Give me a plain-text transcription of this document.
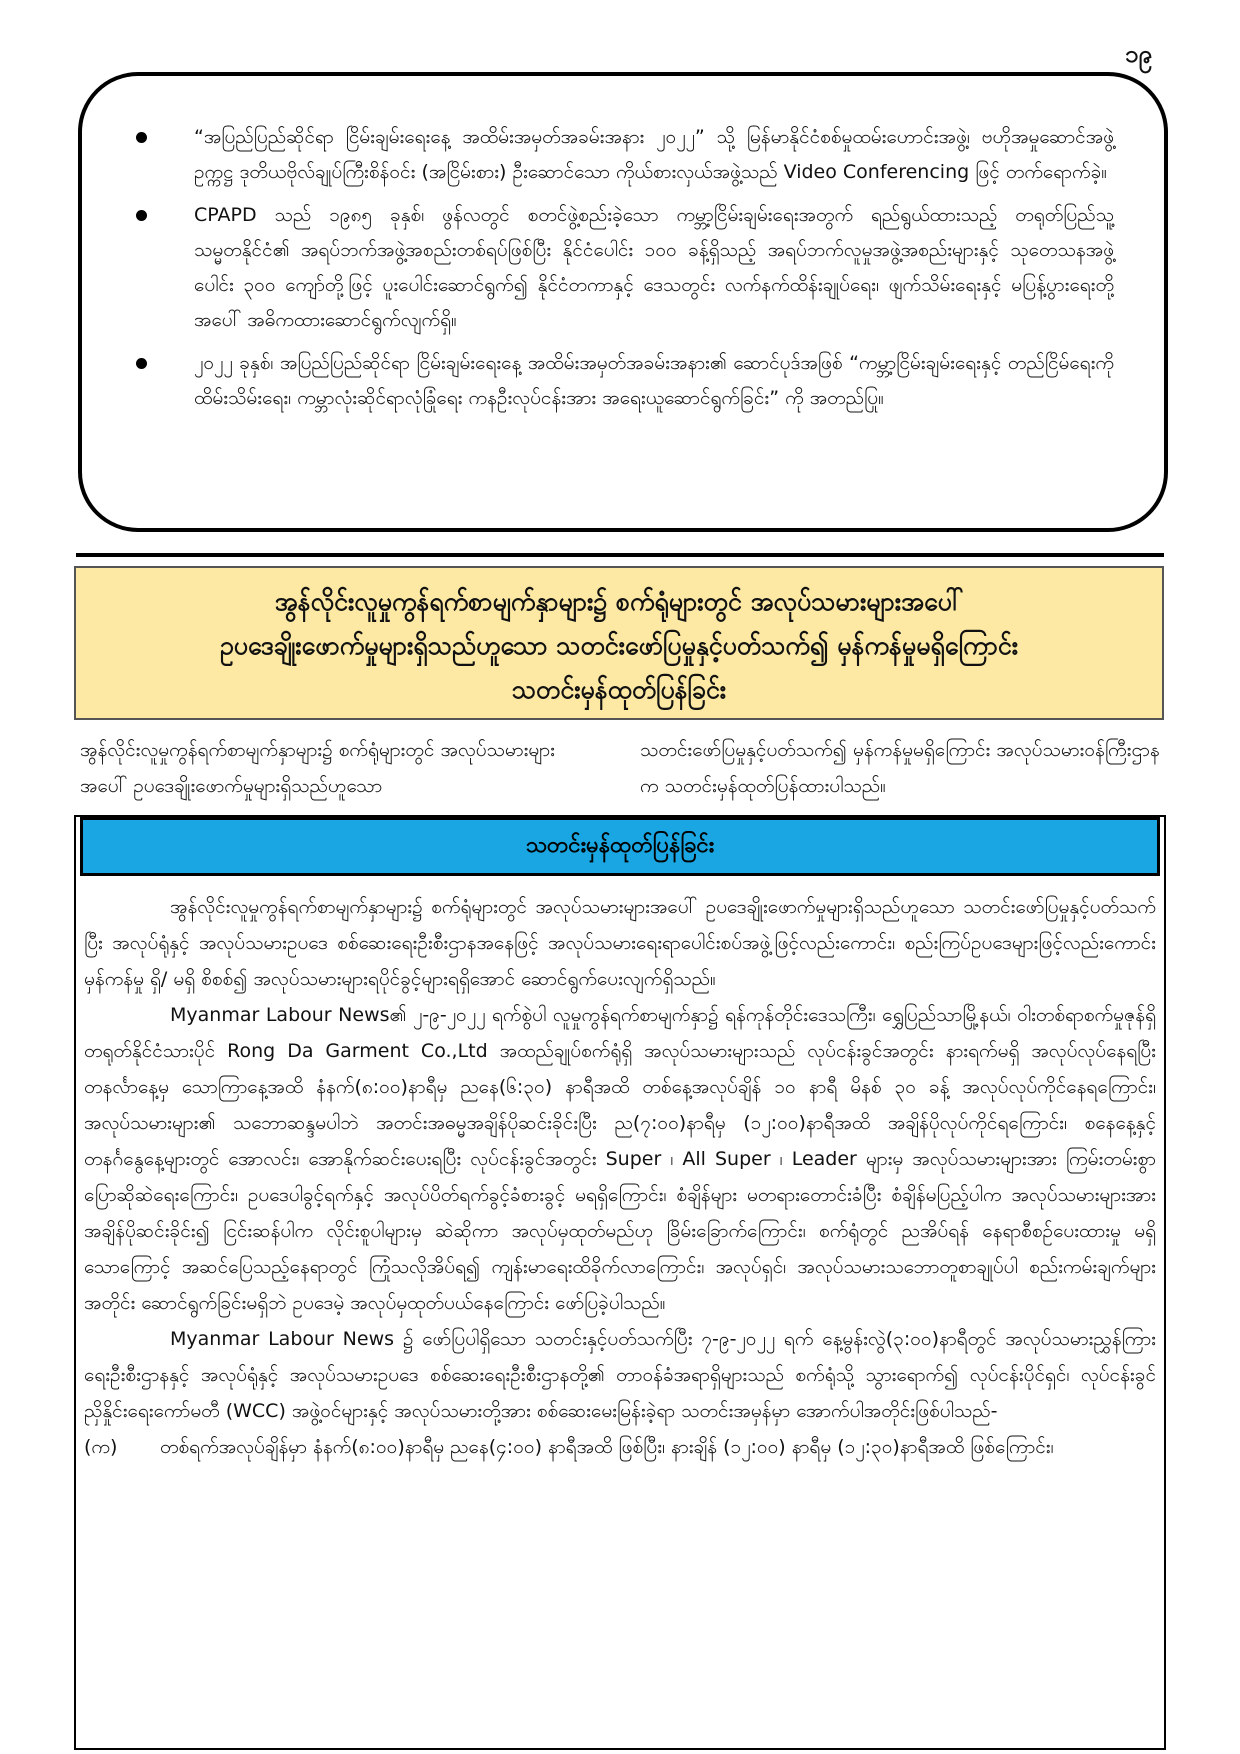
၁၉
“အပြည်ပြည်ဆိုင်ရာ ငြိမ်းချမ်းရေးနေ့ အထိမ်းအမှတ်အခမ်းအနား ၂၀၂၂” သို့ မြန်မာနိုင်ငံစစ်မှုထမ်းဟောင်းအဖွဲ့၊ ဗဟိုအမှုဆောင်အဖွဲ့ဥက္ကဋ္ဌ ဒုတိယဗိုလ်ချုပ်ကြီးစိန်ဝင်း (အငြိမ်းစား) ဦးဆောင်သော ကိုယ်စားလှယ်အဖွဲ့သည် Video Conferencing ဖြင့် တက်ရောက်ခဲ့။
CPAPD သည် ၁၉၈၅ ခုနှစ်၊ ဖွန်လတွင် စတင်ဖွဲ့စည်းခဲ့သော ကမ္ဘာ့ငြိမ်းချမ်းရေးအတွက် ရည်ရွယ်ထားသည့် တရုတ်ပြည်သူ့သမ္မတနိုင်ငံ၏ အရပ်ဘက်အဖွဲ့အစည်းတစ်ရပ်ဖြစ်ပြီး နိုင်ငံပေါင်း ၁၀၀ ခန့်ရှိသည့် အရပ်ဘက်လူမှုအဖွဲ့အစည်းများနှင့် သုတေသနအဖွဲ့ပေါင်း ၃၀၀ ကျော်တို့ဖြင့် ပူးပေါင်းဆောင်ရွက်၍ နိုင်ငံတကာနှင့် ဒေသတွင်း လက်နက်ထိန်းချုပ်ရေး၊ ဖျက်သိမ်းရေးနှင့် မပြန့်ပွားရေးတို့အပေါ် အဓိကထားဆောင်ရွက်လျက်ရှိ။
၂၀၂၂ ခုနှစ်၊ အပြည်ပြည်ဆိုင်ရာ ငြိမ်းချမ်းရေးနေ့ အထိမ်းအမှတ်အခမ်းအနား၏ ဆောင်ပုဒ်အဖြစ် “ကမ္ဘာ့ငြိမ်းချမ်းရေးနှင့် တည်ငြိမ်ရေးကို ထိမ်းသိမ်းရေး၊ ကမ္ဘာလုံးဆိုင်ရာလုံခြုံရေး ကနဦးလုပ်ငန်းအား အရေးယူဆောင်ရွက်ခြင်း” ကို အတည်ပြု။
အွန်လိုင်းလူမှုကွန်ရက်စာမျက်နှာများ၌ စက်ရုံများတွင် အလုပ်သမားများအပေါ်
ဥပဒေချိုးဖောက်မှုများရှိသည်ဟူသော သတင်းဖော်ပြမှုနှင့်ပတ်သက်၍ မှန်ကန်မှုမရှိကြောင်း
သတင်းမှန်ထုတ်ပြန်ခြင်း
အွန်လိုင်းလူမှုကွန်ရက်စာမျက်နှာများ၌ စက်ရုံများတွင် အလုပ်သမားများအပေါ် ဥပဒေချိုးဖောက်မှုများရှိသည်ဟူသော
သတင်းဖော်ပြမှုနှင့်ပတ်သက်၍ မှန်ကန်မှုမရှိကြောင်း အလုပ်သမားဝန်ကြီးဌာနက သတင်းမှန်ထုတ်ပြန်ထားပါသည်။
သတင်းမှန်ထုတ်ပြန်ခြင်း

အွန်လိုင်းလူမှုကွန်ရက်စာမျက်နှာများ၌ စက်ရုံများတွင် အလုပ်သမားများအပေါ် ဥပဒေချိုးဖောက်မှုများရှိသည်ဟူသော သတင်းဖော်ပြမှုနှင့်ပတ်သက်ပြီး အလုပ်ရုံနှင့် အလုပ်သမားဥပဒေ စစ်ဆေးရေးဦးစီးဌာနအနေဖြင့် အလုပ်သမားရေးရာပေါင်းစပ်အဖွဲ့ဖြင့်လည်းကောင်း၊ စည်းကြပ်ဥပဒေများဖြင့်လည်းကောင်း မှန်ကန်မှု ရှိ/ မရှိ စိစစ်၍ အလုပ်သမားများရပိုင်ခွင့်များရရှိအောင် ဆောင်ရွက်ပေးလျက်ရှိသည်။

Myanmar Labour News၏ ၂-၉-၂၀၂၂ ရက်စွဲပါ လူမှုကွန်ရက်စာမျက်နှာ၌ ရန်ကုန်တိုင်းဒေသကြီး၊ ရွှေပြည်သာမြို့နယ်၊ ဝါးတစ်ရာစက်မှုဇုန်ရှိ တရုတ်နိုင်ငံသားပိုင် Rong Da Garment Co.,Ltd အထည်ချုပ်စက်ရုံရှိ အလုပ်သမားများသည် လုပ်ငန်းခွင်အတွင်း နားရက်မရှိ အလုပ်လုပ်နေရပြီး တနင်္လာနေ့မှ သောကြာနေ့အထိ နံနက်(၈:၀၀)နာရီမှ ညနေ(၆:၃၀) နာရီအထိ တစ်နေ့အလုပ်ချိန် ၁၀ နာရီ မိနစ် ၃၀ ခန့် အလုပ်လုပ်ကိုင်နေရကြောင်း၊ အလုပ်သမားများ၏ သဘောဆန္ဒမပါဘဲ အတင်းအဓမ္မအချိန်ပိုဆင်းခိုင်းပြီး ည(၇:၀၀)နာရီမှ (၁၂:၀၀)နာရီအထိ အချိန်ပိုလုပ်ကိုင်ရကြောင်း၊ စနေနေ့နှင့် တနင်္ဂနွေနေ့များတွင် အောလင်း၊ အောနိုက်ဆင်းပေးရပြီး လုပ်ငန်းခွင်အတွင်း Super ၊ All Super ၊ Leader များမှ အလုပ်သမားများအား ကြမ်းတမ်းစွာပြောဆိုဆဲရေးကြောင်း၊ ဥပဒေပါခွင့်ရက်နှင့် အလုပ်ပိတ်ရက်ခွင့်ခံစားခွင့် မရရှိကြောင်း၊ စံချိန်များ မတရားတောင်းခံပြီး စံချိန်မပြည့်ပါက အလုပ်သမားများအား အချိန်ပိုဆင်းခိုင်း၍ ငြင်းဆန်ပါက လိုင်းစူပါများမှ ဆဲဆိုကာ အလုပ်မှထုတ်မည်ဟု ခြိမ်းခြောက်ကြောင်း၊ စက်ရုံတွင် ညအိပ်ရန် နေရာစီစဉ်ပေးထားမှု မရှိသောကြောင့် အဆင်ပြေသည့်နေရာတွင် ကြုံသလိုအိပ်ရ၍ ကျန်းမာရေးထိခိုက်လာကြောင်း၊ အလုပ်ရှင်၊ အလုပ်သမားသဘောတူစာချုပ်ပါ စည်းကမ်းချက်များအတိုင်း ဆောင်ရွက်ခြင်းမရှိဘဲ ဥပဒေမဲ့ အလုပ်မှထုတ်ပယ်နေကြောင်း ဖော်ပြခဲ့ပါသည်။

Myanmar Labour News ၌ ဖော်ပြပါရှိသော သတင်းနှင့်ပတ်သက်ပြီး ၇-၉-၂၀၂၂ ရက် နေ့မွန်းလွဲ(၃:၀၀)နာရီတွင် အလုပ်သမားညွှန်ကြားရေးဦးစီးဌာနနှင့် အလုပ်ရုံနှင့် အလုပ်သမားဥပဒေ စစ်ဆေးရေးဦးစီးဌာနတို့၏ တာဝန်ခံအရာရှိများသည် စက်ရုံသို့ သွားရောက်၍ လုပ်ငန်းပိုင်ရှင်၊ လုပ်ငန်းခွင်ညှိနှိုင်းရေးကော်မတီ (WCC) အဖွဲ့ဝင်များနှင့် အလုပ်သမားတို့အား စစ်ဆေးမေးမြန်းခဲ့ရာ သတင်းအမှန်မှာ အောက်ပါအတိုင်းဖြစ်ပါသည်-

(က)	တစ်ရက်အလုပ်ချိန်မှာ နံနက်(၈:၀၀)နာရီမှ ညနေ(၄:၀၀) နာရီအထိ ဖြစ်ပြီး၊ နားချိန် (၁၂:၀၀) နာရီမှ (၁၂:၃၀)နာရီအထိ ဖြစ်ကြောင်း၊
